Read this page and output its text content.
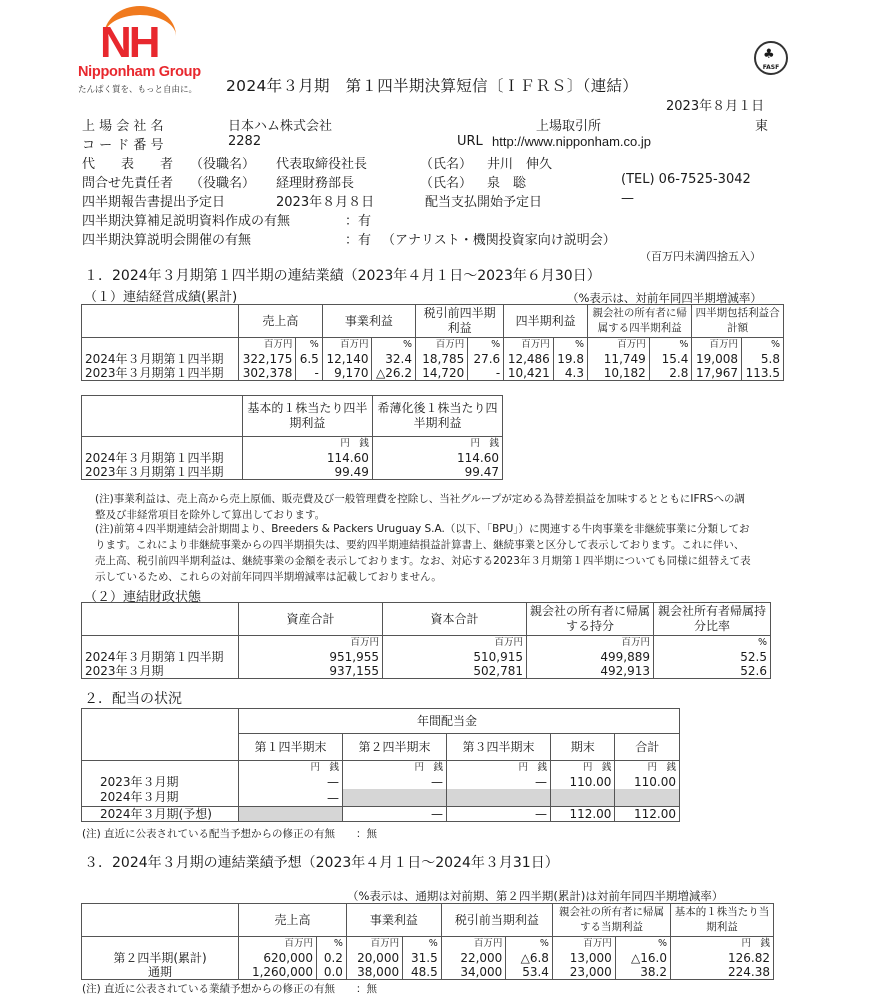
NH
Nipponham Group
たんぱく質を、もっと自由に。
♣
FASF
2024年３月期　第１四半期決算短信〔ＩＦＲＳ〕（連結）
2023年８月１日
上 場 会 社 名	日本ハム株式会社	上場取引所	東
コ ー ド 番 号	2282	URL http://www.nipponham.co.jp
代　　表　　者 （役職名） 代表取締役社長	（氏名） 井川　伸久
問合せ先責任者 （役職名） 経理財務部長	（氏名） 泉　聡	(TEL) 06-7525-3042
四半期報告書提出予定日	2023年８月８日	配当支払開始予定日	—
四半期決算補足説明資料作成の有無	：有
四半期決算説明会開催の有無	：有 （アナリスト・機関投資家向け説明会）
（百万円未満四捨五入）
１．2024年３月期第１四半期の連結業績（2023年４月１日～2023年６月30日）
（１）連結経営成績(累計)	（%表示は、対前年同四半期増減率）
	売上高		事業利益		税引前四半期利益		四半期利益		親会社の所有者に帰属する四半期利益		四半期包括利益合計額	
	百万円	%	百万円	%	百万円	%	百万円	%	百万円	%	百万円	%
2024年３月期第１四半期	322,175	6.5	12,140	32.4	18,785	27.6	12,486	19.8	11,749	15.4	19,008	5.8
2023年３月期第１四半期	302,378	-	9,170	△26.2	14,720	-	10,421	4.3	10,182	2.8	17,967	113.5
	基本的１株当たり四半期利益	希薄化後１株当たり四半期利益
	円　銭	円　銭
2024年３月期第１四半期	114.60	114.60
2023年３月期第１四半期	99.49	99.47
(注)事業利益は、売上高から売上原価、販売費及び一般管理費を控除し、当社グループが定める為替差損益を加味するとともにIFRSへの調
整及び非経常項目を除外して算出しております。
(注)前第４四半期連結会計期間より、Breeders & Packers Uruguay S.A.（以下、「BPU」）に関連する牛肉事業を非継続事業に分類してお
ります。これにより非継続事業からの四半期損失は、要約四半期連結損益計算書上、継続事業と区分して表示しております。これに伴い、
売上高、税引前四半期利益は、継続事業の金額を表示しております。なお、対応する2023年３月期第１四半期についても同様に組替えて表
示しているため、これらの対前年同四半期増減率は記載しておりません。
（２）連結財政状態
	資産合計	資本合計	親会社の所有者に帰属する持分	親会社所有者帰属持分比率
	百万円	百万円	百万円	%
2024年３月期第１四半期	951,955	510,915	499,889	52.5
2023年３月期	937,155	502,781	492,913	52.6
２．配当の状況
	年間配当金				
	第１四半期末	第２四半期末	第３四半期末	期末	合計
	円　銭	円　銭	円　銭	円　銭	円　銭
2023年３月期	—	—	—	110.00	110.00
2024年３月期	—				
2024年３月期(予想)		—	—	112.00	112.00
(注) 直近に公表されている配当予想からの修正の有無　　：無
３．2024年３月期の連結業績予想（2023年４月１日～2024年３月31日）
（%表示は、通期は対前期、第２四半期(累計)は対前年同四半期増減率）
	売上高		事業利益		税引前当期利益		親会社の所有者に帰属する当期利益		基本的１株当たり当期利益
	百万円	%	百万円	%	百万円	%	百万円	%	円　銭
第２四半期(累計)	620,000	0.2	20,000	31.5	22,000	△6.8	13,000	△16.0	126.82
通期	1,260,000	0.0	38,000	48.5	34,000	53.4	23,000	38.2	224.38
(注) 直近に公表されている業績予想からの修正の有無　　：無
